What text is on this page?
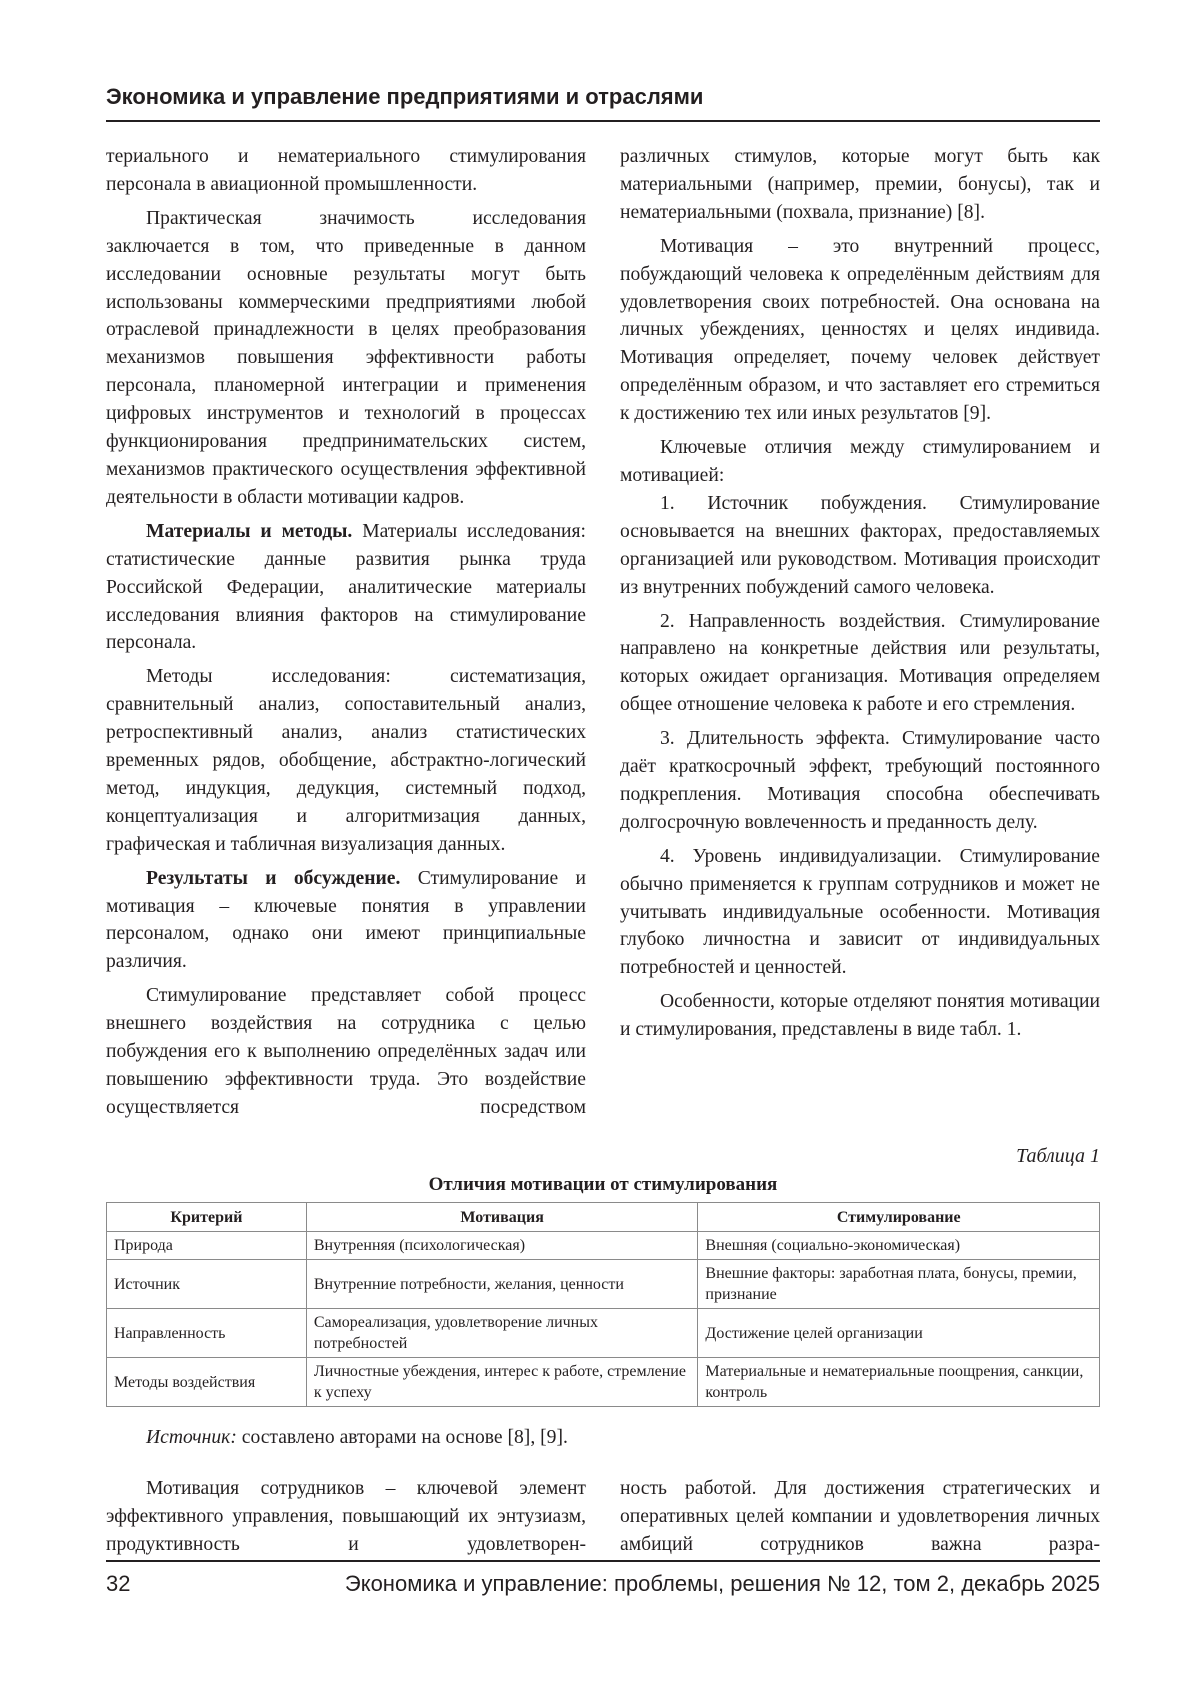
Экономика и управление предприятиями и отраслями

териального и нематериального стимулирования персонала в авиационной промышленности.

Практическая значимость исследования заключается в том, что приведенные в данном исследовании основные результаты могут быть использованы коммерческими предприятиями любой отраслевой принадлежности в целях преобразования механизмов повышения эффективности работы персонала, планомерной интеграции и применения цифровых инструментов и технологий в процессах функционирования предпринимательских систем, механизмов практического осуществления эффективной деятельности в области мотивации кадров.

Материалы и методы. Материалы исследования: статистические данные развития рынка труда Российской Федерации, аналитические материалы исследования влияния факторов на стимулирование персонала.

Методы исследования: систематизация, сравнительный анализ, сопоставительный анализ, ретроспективный анализ, анализ статистических временных рядов, обобщение, абстрактно-логический метод, индукция, дедукция, системный подход, концептуализация и алгоритмизация данных, графическая и табличная визуализация данных.

Результаты и обсуждение. Стимулирование и мотивация – ключевые понятия в управлении персоналом, однако они имеют принципиальные различия.

Стимулирование представляет собой процесс внешнего воздействия на сотрудника с целью побуждения его к выполнению определённых задач или повышению эффективности труда. Это воздействие осуществляется посредством

различных стимулов, которые могут быть как материальными (например, премии, бонусы), так и нематериальными (похвала, признание) [8].

Мотивация – это внутренний процесс, побуждающий человека к определённым действиям для удовлетворения своих потребностей. Она основана на личных убеждениях, ценностях и целях индивида. Мотивация определяет, почему человек действует определённым образом, и что заставляет его стремиться к достижению тех или иных результатов [9].

Ключевые отличия между стимулированием и мотивацией:

1. Источник побуждения. Стимулирование основывается на внешних факторах, предоставляемых организацией или руководством. Мотивация происходит из внутренних побуждений самого человека.

2. Направленность воздействия. Стимулирование направлено на конкретные действия или результаты, которых ожидает организация. Мотивация определяем общее отношение человека к работе и его стремления.

3. Длительность эффекта. Стимулирование часто даёт краткосрочный эффект, требующий постоянного подкрепления. Мотивация способна обеспечивать долгосрочную вовлеченность и преданность делу.

4. Уровень индивидуализации. Стимулирование обычно применяется к группам сотрудников и может не учитывать индивидуальные особенности. Мотивация глубоко личностна и зависит от индивидуальных потребностей и ценностей.

Особенности, которые отделяют понятия мотивации и стимулирования, представлены в виде табл. 1.

Таблица 1
Отличия мотивации от стимулирования
Критерий	Мотивация	Стимулирование
Природа	Внутренняя (психологическая)	Внешняя (социально-экономическая)
Источник	Внутренние потребности, желания, ценности	Внешние факторы: заработная плата, бонусы, премии, признание
Направленность	Самореализация, удовлетворение личных потребностей	Достижение целей организации
Методы воздействия	Личностные убеждения, интерес к работе, стремление к успеху	Материальные и нематериальные поощрения, санкции, контроль
Источник: составлено авторами на основе [8], [9].

Мотивация сотрудников – ключевой элемент эффективного управления, повышающий их энтузиазм, продуктивность и удовлетворен-

ность работой. Для достижения стратегических и оперативных целей компании и удовлетворения личных амбиций сотрудников важна разра-

32	Экономика и управление: проблемы, решения № 12, том 2, декабрь 2025
